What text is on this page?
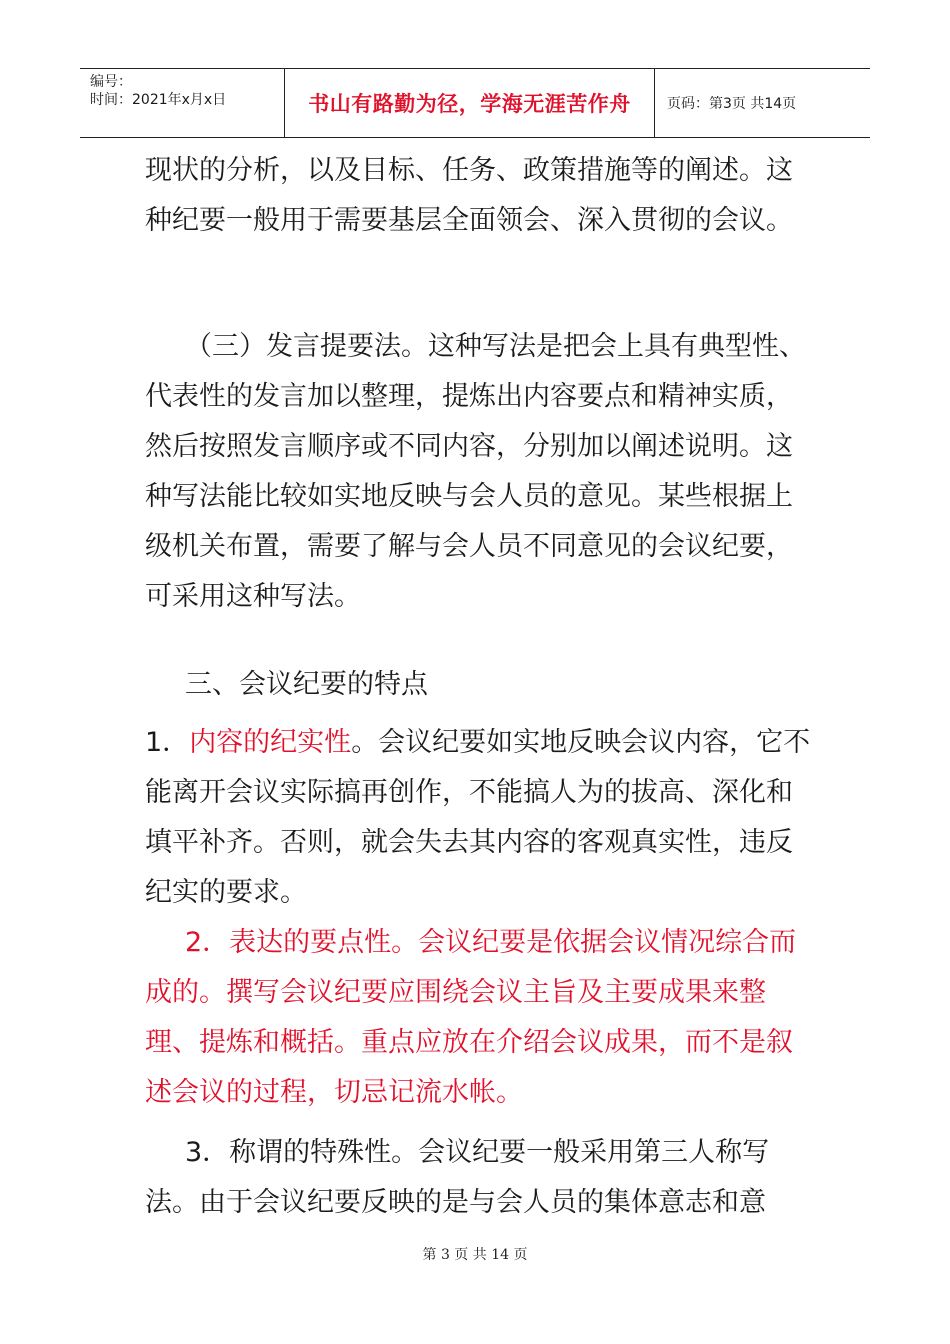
编号：
时间：2021年x月x日	书山有路勤为径，学海无涯苦作舟	页码：第3页 共14页

现状的分析，以及目标、任务、政策措施等的阐述。这种纪要一般用于需要基层全面领会、深入贯彻的会议。

（三）发言提要法。这种写法是把会上具有典型性、代表性的发言加以整理，提炼出内容要点和精神实质，然后按照发言顺序或不同内容，分别加以阐述说明。这种写法能比较如实地反映与会人员的意见。某些根据上级机关布置，需要了解与会人员不同意见的会议纪要，可采用这种写法。

三、会议纪要的特点

1．内容的纪实性。会议纪要如实地反映会议内容，它不能离开会议实际搞再创作，不能搞人为的拔高、深化和填平补齐。否则，就会失去其内容的客观真实性，违反纪实的要求。

2．表达的要点性。会议纪要是依据会议情况综合而成的。撰写会议纪要应围绕会议主旨及主要成果来整理、提炼和概括。重点应放在介绍会议成果，而不是叙述会议的过程，切忌记流水帐。

3．称谓的特殊性。会议纪要一般采用第三人称写法。由于会议纪要反映的是与会人员的集体意志和意

第 3 页 共 14 页
